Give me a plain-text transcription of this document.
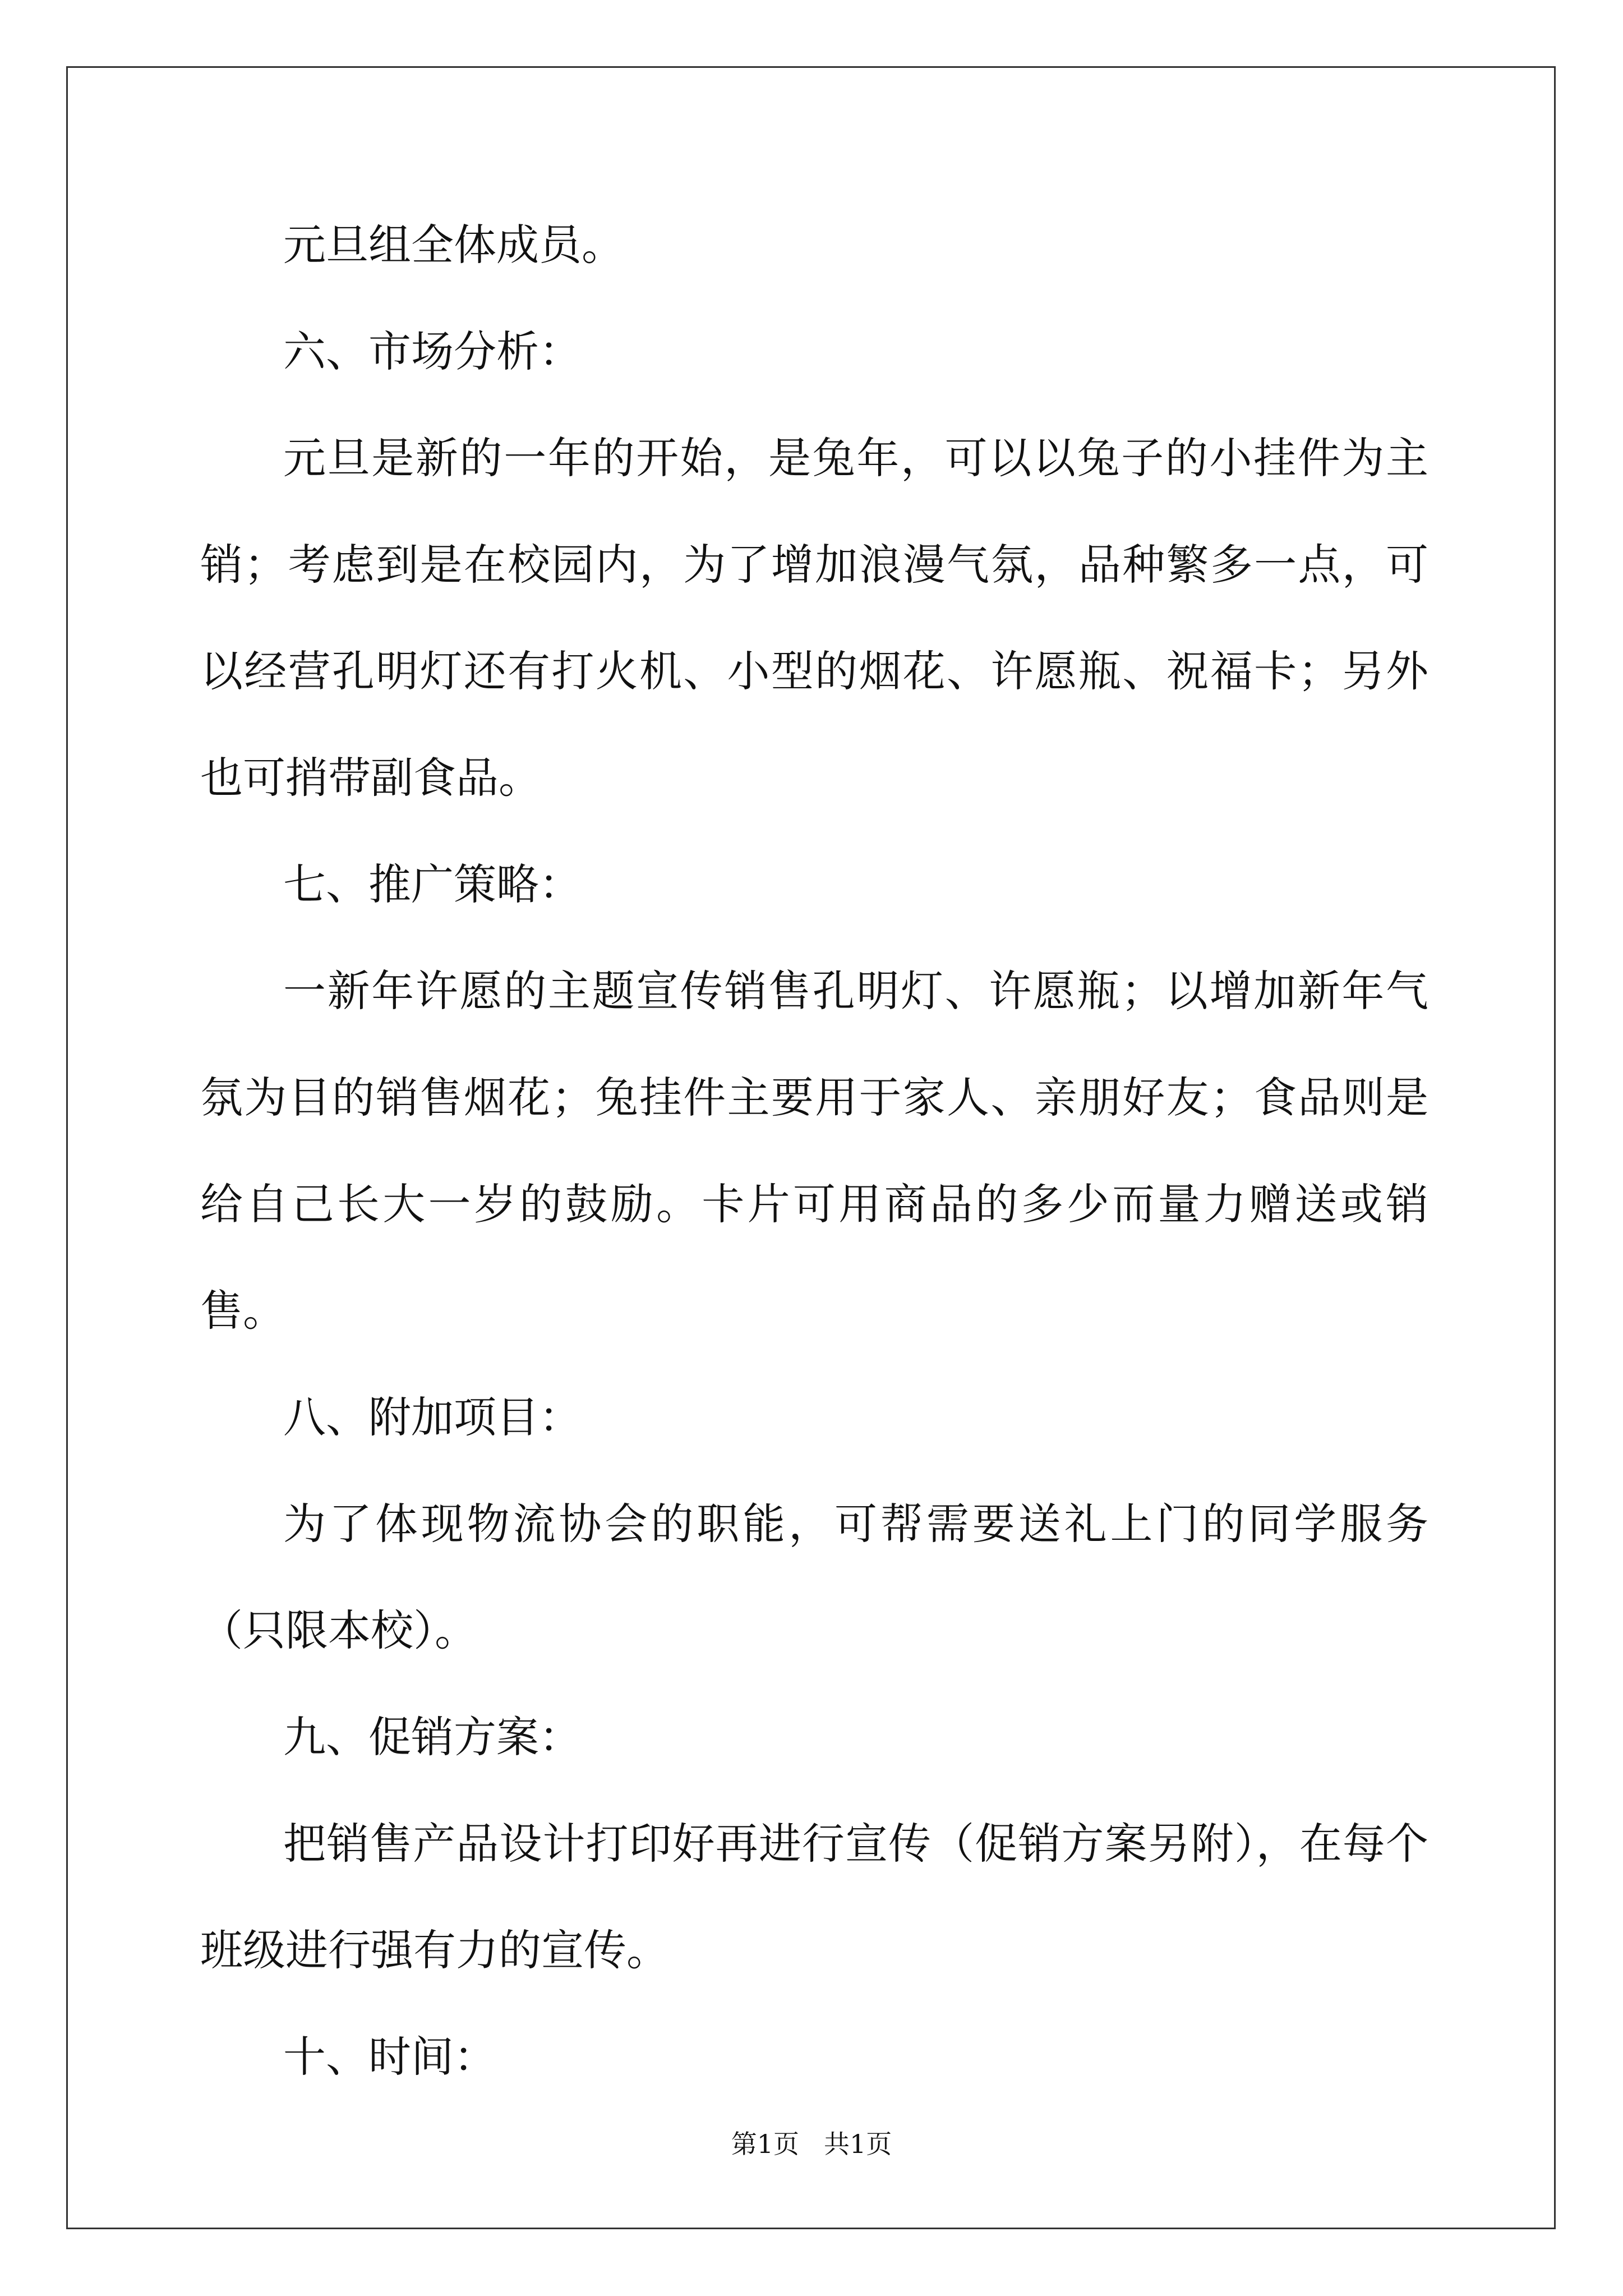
元旦组全体成员。

六、市场分析：

元旦是新的一年的开始，是兔年，可以以兔子的小挂件为主销；考虑到是在校园内，为了增加浪漫气氛，品种繁多一点，可以经营孔明灯还有打火机、小型的烟花、许愿瓶、祝福卡；另外也可捎带副食品。

七、推广策略：

一新年许愿的主题宣传销售孔明灯、许愿瓶；以增加新年气氛为目的销售烟花；兔挂件主要用于家人、亲朋好友；食品则是给自己长大一岁的鼓励。卡片可用商品的多少而量力赠送或销售。

八、附加项目：

为了体现物流协会的职能，可帮需要送礼上门的同学服务（只限本校）。

九、促销方案：

把销售产品设计打印好再进行宣传（促销方案另附），在每个班级进行强有力的宣传。

十、时间：

第1页 共1页
